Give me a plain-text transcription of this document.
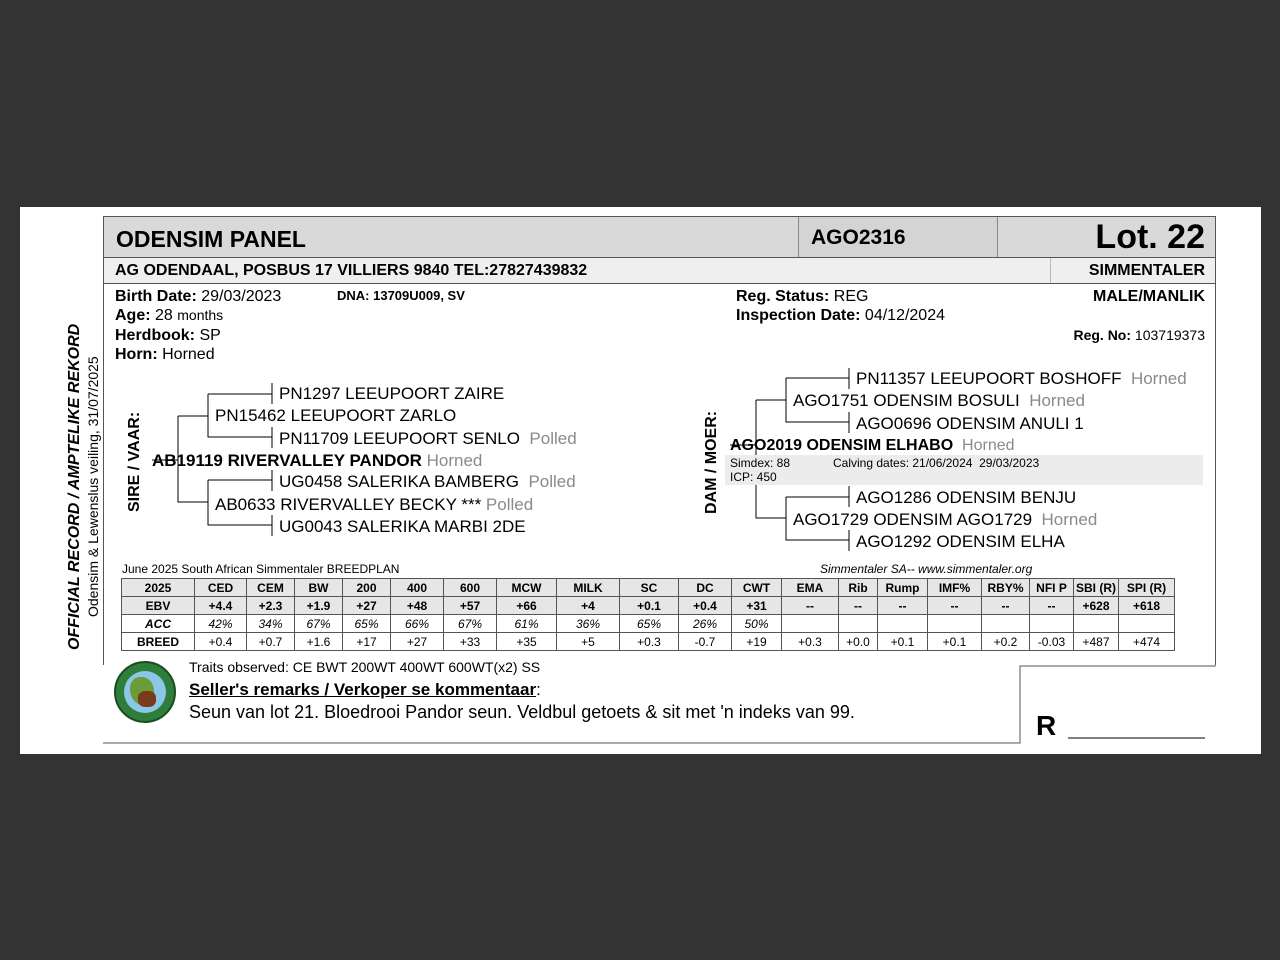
OFFICIAL RECORD / AMPTELIKE REKORD Odensim & Lewenslus veiling, 31/07/2025
ODENSIM PANEL	AGO2316	Lot. 22
AG ODENDAAL, POSBUS 17 VILLIERS 9840 TEL:27827439832	SIMMENTALER
Birth Date: 29/03/2023	DNA: 13709U009, SV
Age: 28 months
Herdbook: SP
Horn: Horned
Reg. Status: REG
Inspection Date: 04/12/2024
MALE/MANLIK
Reg. No: 103719373
SIRE / VAAR:	DAM / MOER:
PN1297 LEEUPOORT ZAIRE
PN15462 LEEUPOORT ZARLO
PN11709 LEEUPOORT SENLO Polled
AB19119 RIVERVALLEY PANDOR Horned
UG0458 SALERIKA BAMBERG Polled
AB0633 RIVERVALLEY BECKY *** Polled
UG0043 SALERIKA MARBI 2DE
PN11357 LEEUPOORT BOSHOFF Horned
AGO1751 ODENSIM BOSULI Horned
AGO0696 ODENSIM ANULI 1
AGO2019 ODENSIM ELHABO Horned
Simdex: 88	Calving dates: 21/06/2024  29/03/2023
ICP: 450
AGO1286 ODENSIM BENJU
AGO1729 ODENSIM AGO1729 Horned
AGO1292 ODENSIM ELHA
June 2025 South African Simmentaler BREEDPLAN	Simmentaler SA-- www.simmentaler.org
2025	CED	CEM	BW	200	400	600	MCW	MILK	SC	DC	CWT	EMA	Rib	Rump	IMF%	RBY%	NFI P	SBI (R)	SPI (R)
EBV	+4.4	+2.3	+1.9	+27	+48	+57	+66	+4	+0.1	+0.4	+31	--	--	--	--	--	--	+628	+618
ACC	42%	34%	67%	65%	66%	67%	61%	36%	65%	26%	50%								
BREED	+0.4	+0.7	+1.6	+17	+27	+33	+35	+5	+0.3	-0.7	+19	+0.3	+0.0	+0.1	+0.1	+0.2	-0.03	+487	+474
Traits observed: CE BWT 200WT 400WT 600WT(x2) SS
Seller's remarks / Verkoper se kommentaar:
Seun van lot 21. Bloedrooi Pandor seun. Veldbul getoets & sit met 'n indeks van 99.	R
